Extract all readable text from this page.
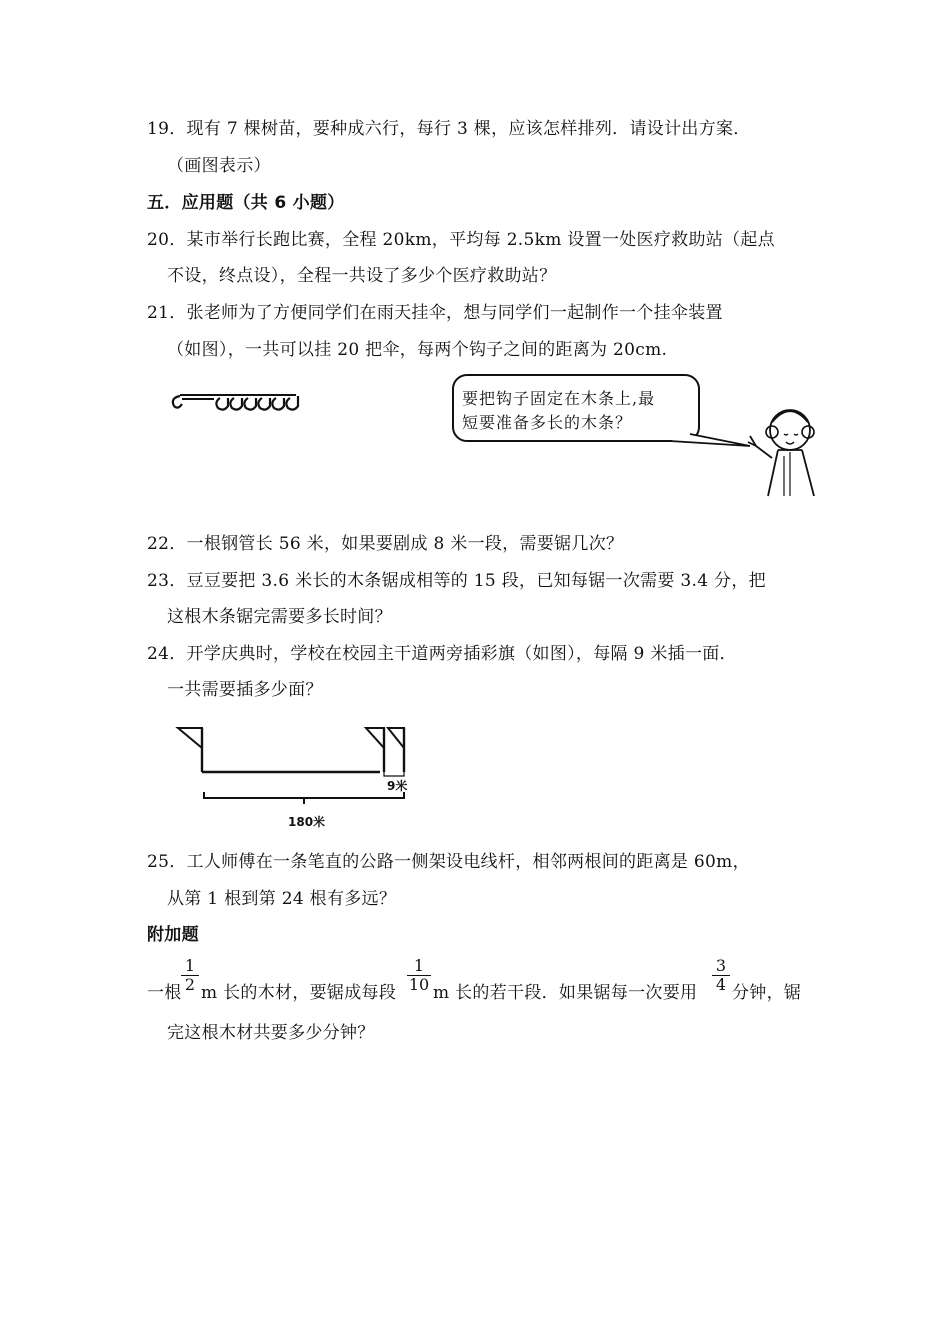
19．现有 7 棵树苗，要种成六行，每行 3 棵，应该怎样排列．请设计出方案．
（画图表示）
五．应用题（共 6 小题）
20．某市举行长跑比赛，全程 20km，平均每 2.5km 设置一处医疗救助站（起点
不设，终点设），全程一共设了多少个医疗救助站？
21．张老师为了方便同学们在雨天挂伞，想与同学们一起制作一个挂伞装置
（如图），一共可以挂 20 把伞，每两个钩子之间的距离为 20cm.
要把钩子固定在木条上,最
短要准备多长的木条？
22．一根钢管长 56 米，如果要剧成 8 米一段，需要锯几次？
23．豆豆要把 3.6 米长的木条锯成相等的 15 段，已知每锯一次需要 3.4 分，把
这根木条锯完需要多长时间？
24．开学庆典时，学校在校园主干道两旁插彩旗（如图），每隔 9 米插一面．
一共需要插多少面？
9米
180米
25．工人师傅在一条笔直的公路一侧架设电线杆，相邻两根间的距离是 60m，
从第 1 根到第 24 根有多远？
附加题
1
2
1
10
3
4
一根 m 长的木材，要锯成每段 m 长的若干段．如果锯每一次要用 分钟，锯
完这根木材共要多少分钟？
